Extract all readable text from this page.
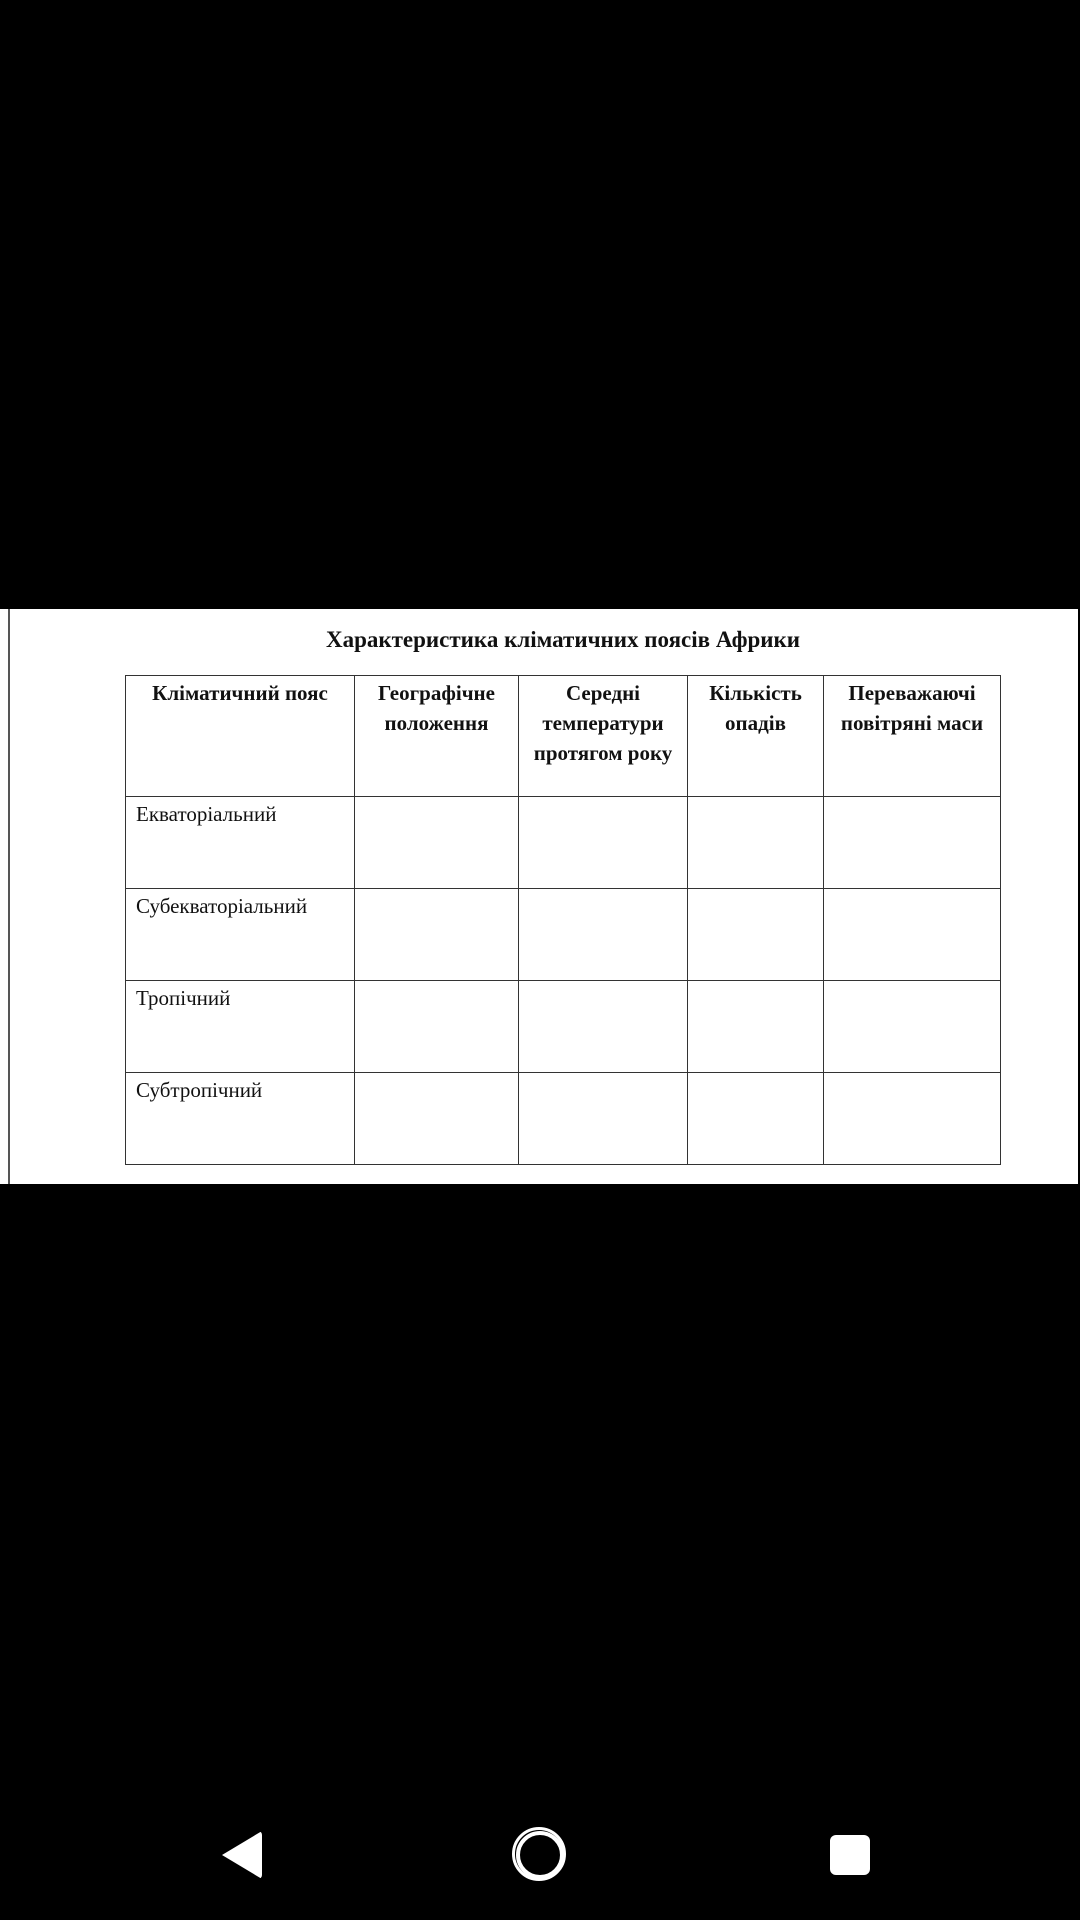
Характеристика кліматичних поясів Африки
Кліматичний пояс	Географічне положення	Середні температури протягом року	Кількість опадів	Переважаючі повітряні маси
Екваторіальний				
Субекваторіальний				
Тропічний				
Субтропічний				
